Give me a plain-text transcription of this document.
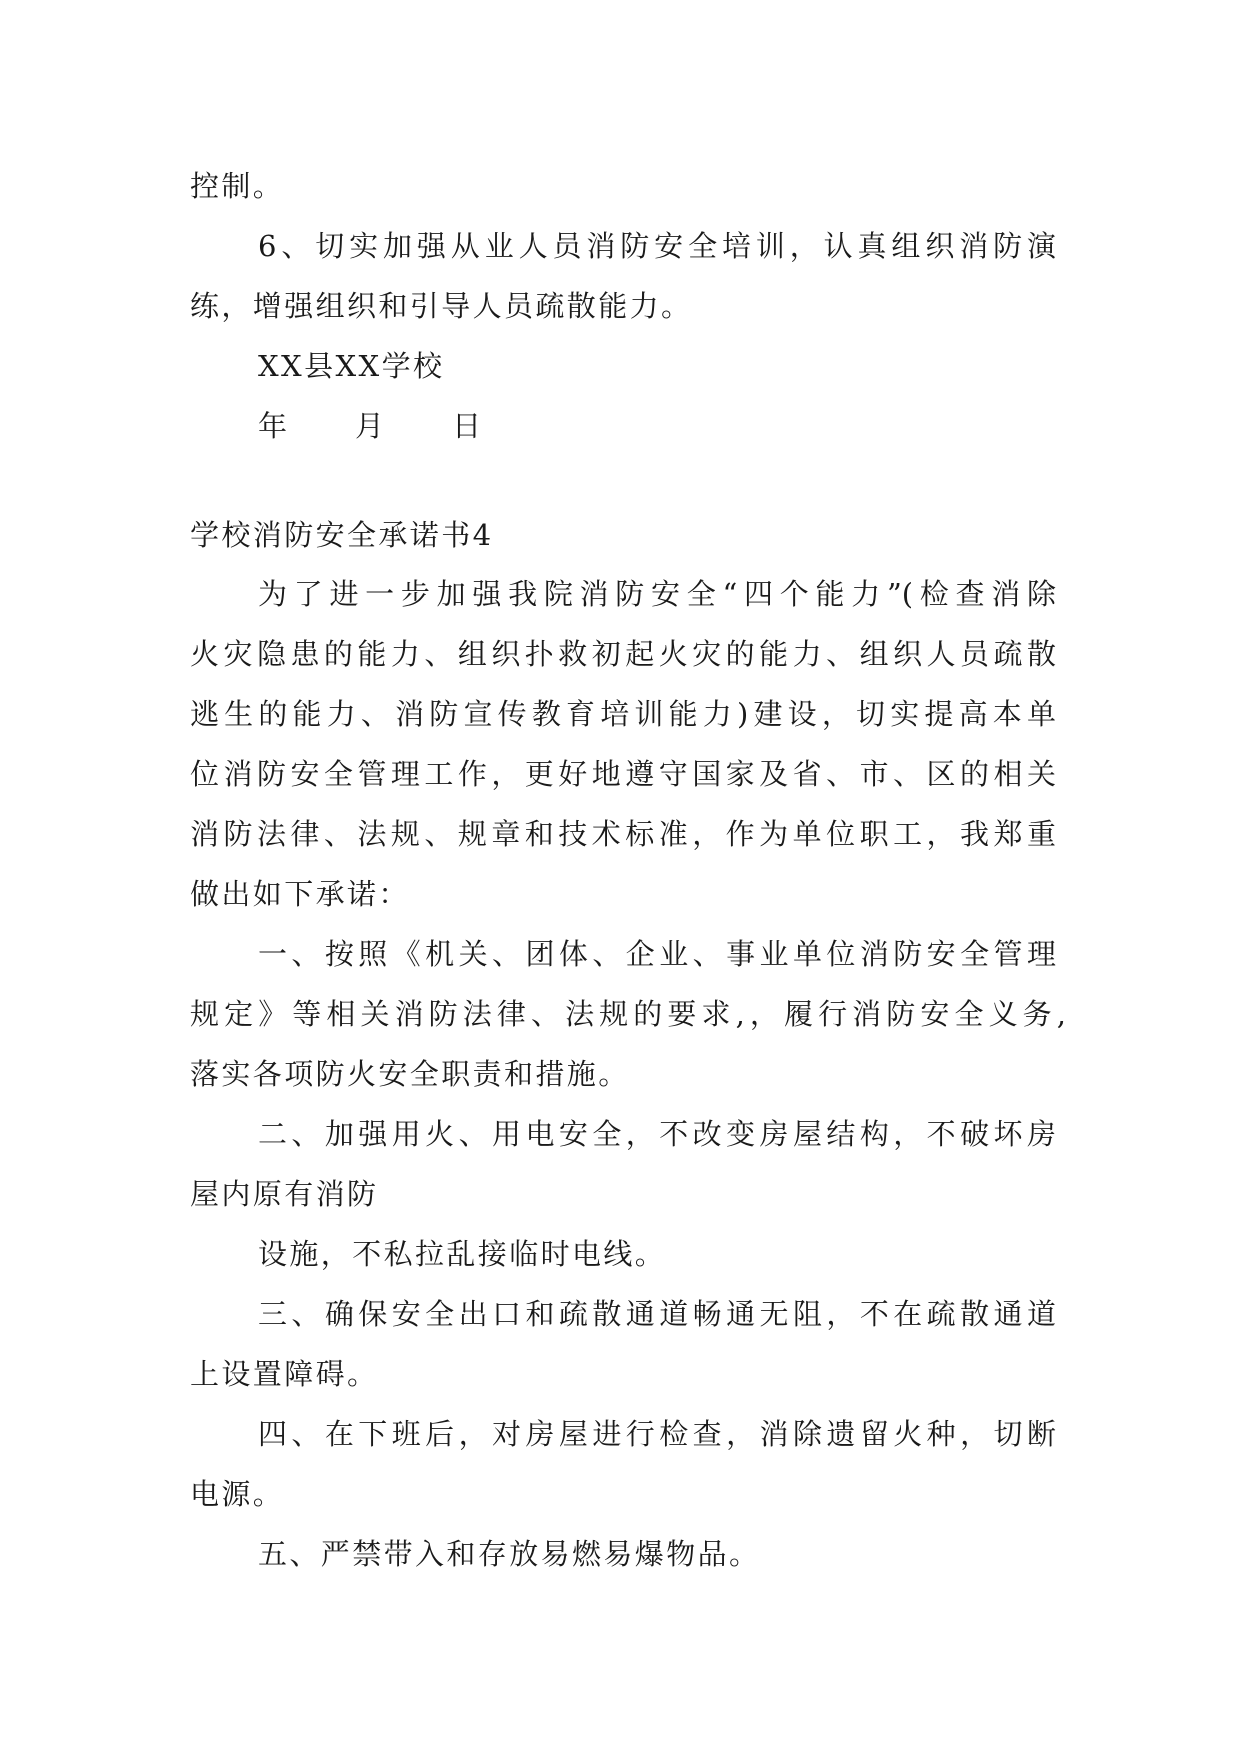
控制。
6、切实加强从业人员消防安全培训，认真组织消防演
练，增强组织和引导人员疏散能力。
XX县XX学校
年 月 日
学校消防安全承诺书4
为了进一步加强我院消防安全“四个能力”(检查消除
火灾隐患的能力、组织扑救初起火灾的能力、组织人员疏散
逃生的能力、消防宣传教育培训能力)建设，切实提高本单
位消防安全管理工作，更好地遵守国家及省、市、区的相关
消防法律、法规、规章和技术标准，作为单位职工，我郑重
做出如下承诺：
一、按照《机关、团体、企业、事业单位消防安全管理
规定》等相关消防法律、法规的要求,，履行消防安全义务,
落实各项防火安全职责和措施。
二、加强用火、用电安全，不改变房屋结构，不破坏房
屋内原有消防
设施，不私拉乱接临时电线。
三、确保安全出口和疏散通道畅通无阻，不在疏散通道
上设置障碍。
四、在下班后，对房屋进行检查，消除遗留火种，切断
电源。
五、严禁带入和存放易燃易爆物品。
